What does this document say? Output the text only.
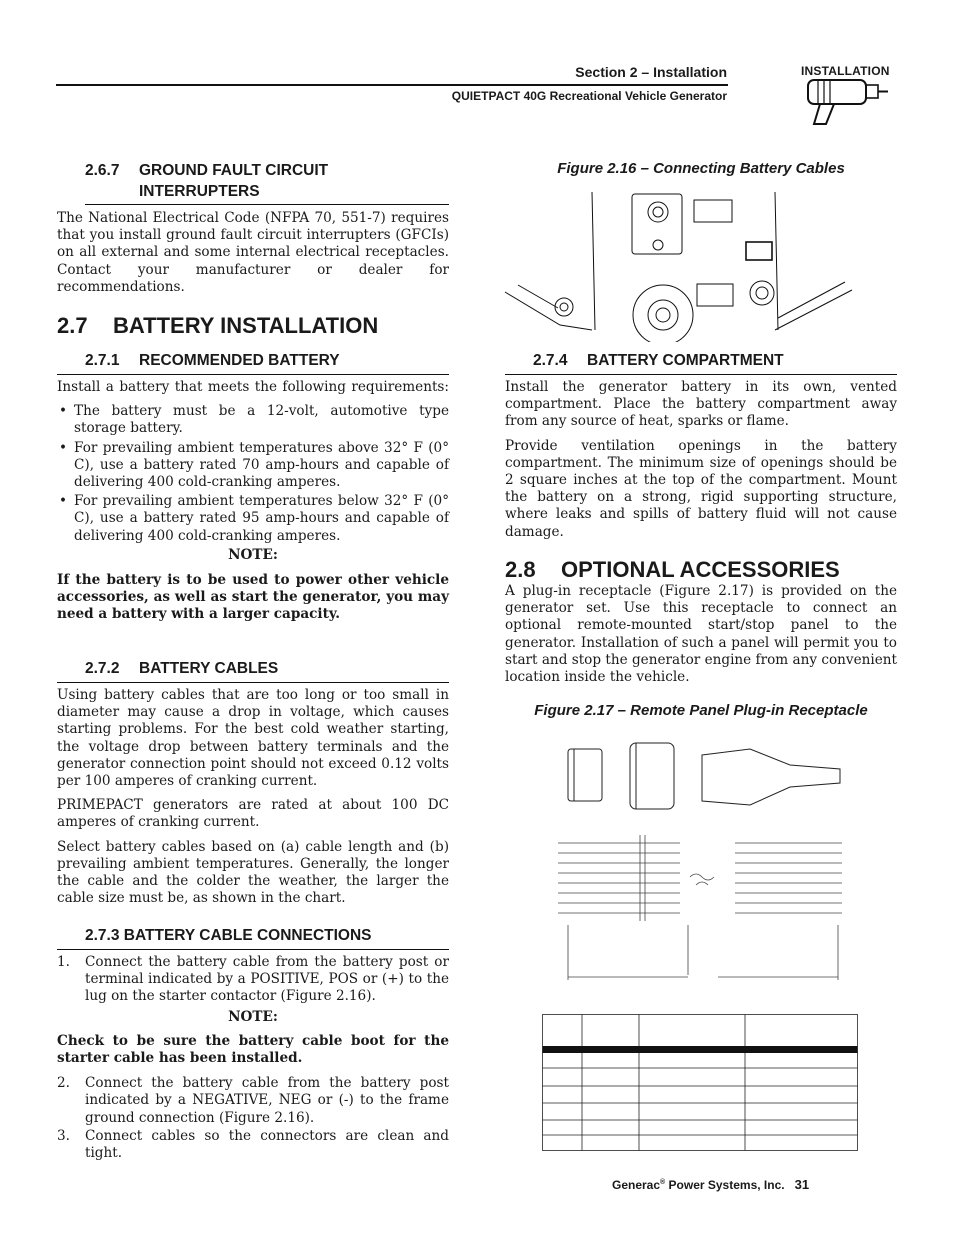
Section 2 – Installation
QUIETPACT 40G Recreational Vehicle Generator
INSTALLATION
2.6.7 GROUND FAULT CIRCUIT
INTERRUPTERS

The National Electrical Code (NFPA 70, 551-7) requires that you install ground fault circuit interrupters (GFCIs) on all external and some internal electrical receptacles. Contact your manufacturer or dealer for recommendations.

2.7 BATTERY INSTALLATION
2.7.1 RECOMMENDED BATTERY

Install a battery that meets the following requirements:

• The battery must be a 12-volt, automotive type storage battery.
• For prevailing ambient temperatures above 32° F (0° C), use a battery rated 70 amp-hours and capable of delivering 400 cold-cranking amperes.
• For prevailing ambient temperatures below 32° F (0° C), use a battery rated 95 amp-hours and capable of delivering 400 cold-cranking amperes.
NOTE:

If the battery is to be used to power other vehicle accessories, as well as start the generator, you may need a battery with a larger capacity.

2.7.2 BATTERY CABLES

Using battery cables that are too long or too small in diameter may cause a drop in voltage, which causes starting problems. For the best cold weather starting, the voltage drop between battery terminals and the generator connection point should not exceed 0.12 volts per 100 amperes of cranking current.

PRIMEPACT generators are rated at about 100 DC amperes of cranking current.

Select battery cables based on (a) cable length and (b) prevailing ambient temperatures. Generally, the longer the cable and the colder the weather, the larger the cable size must be, as shown in the chart.

2.7.3 BATTERY CABLE CONNECTIONS
1. Connect the battery cable from the battery post or terminal indicated by a POSITIVE, POS or (+) to the lug on the starter contactor (Figure 2.16).
NOTE:

Check to be sure the battery cable boot for the starter cable has been installed.

2. Connect the battery cable from the battery post indicated by a NEGATIVE, NEG or (-) to the frame ground connection (Figure 2.16).
3. Connect cables so the connectors are clean and tight.
Figure 2.16 – Connecting Battery Cables
2.7.4 BATTERY COMPARTMENT

Install the generator battery in its own, vented compartment. Place the battery compartment away from any source of heat, sparks or flame.

Provide ventilation openings in the battery compartment. The minimum size of openings should be 2 square inches at the top of the compartment. Mount the battery on a strong, rigid supporting structure, where leaks and spills of battery fluid will not cause damage.

2.8 OPTIONAL ACCESSORIES

A plug-in receptacle (Figure 2.17) is provided on the generator set. Use this receptacle to connect an optional remote-mounted start/stop panel to the generator. Installation of such a panel will permit you to start and stop the generator engine from any convenient location inside the vehicle.

Figure 2.17 – Remote Panel Plug-in Receptacle
Generac® Power Systems, Inc. 31
